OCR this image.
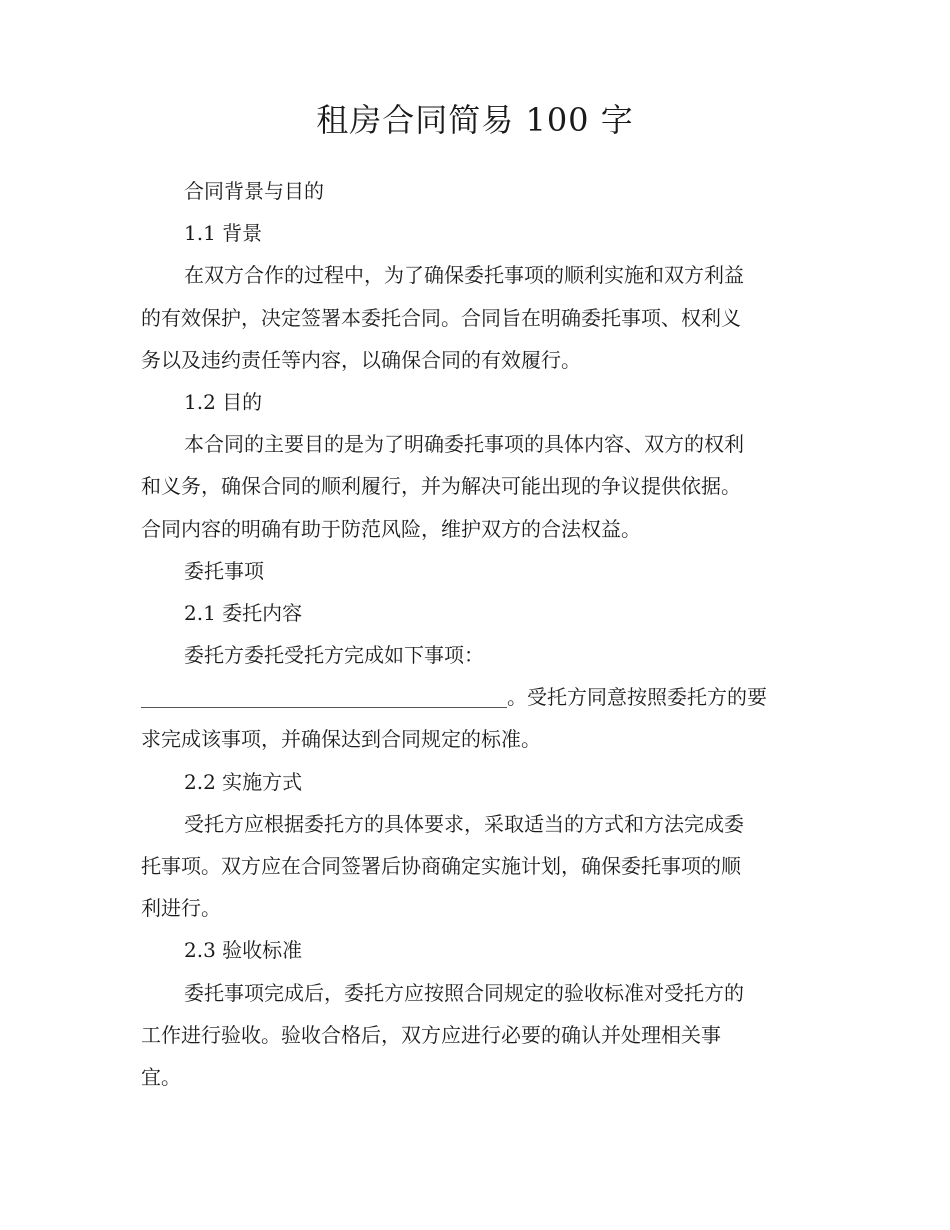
租房合同简易 100 字
合同背景与目的
1.1 背景
在双方合作的过程中，为了确保委托事项的顺利实施和双方利益
的有效保护，决定签署本委托合同。合同旨在明确委托事项、权利义
务以及违约责任等内容，以确保合同的有效履行。
1.2 目的
本合同的主要目的是为了明确委托事项的具体内容、双方的权利
和义务，确保合同的顺利履行，并为解决可能出现的争议提供依据。
合同内容的明确有助于防范风险，维护双方的合法权益。
委托事项
2.1 委托内容
委托方委托受托方完成如下事项：
。受托方同意按照委托方的要
求完成该事项，并确保达到合同规定的标准。
2.2 实施方式
受托方应根据委托方的具体要求，采取适当的方式和方法完成委
托事项。双方应在合同签署后协商确定实施计划，确保委托事项的顺
利进行。
2.3 验收标准
委托事项完成后，委托方应按照合同规定的验收标准对受托方的
工作进行验收。验收合格后，双方应进行必要的确认并处理相关事
宜。
